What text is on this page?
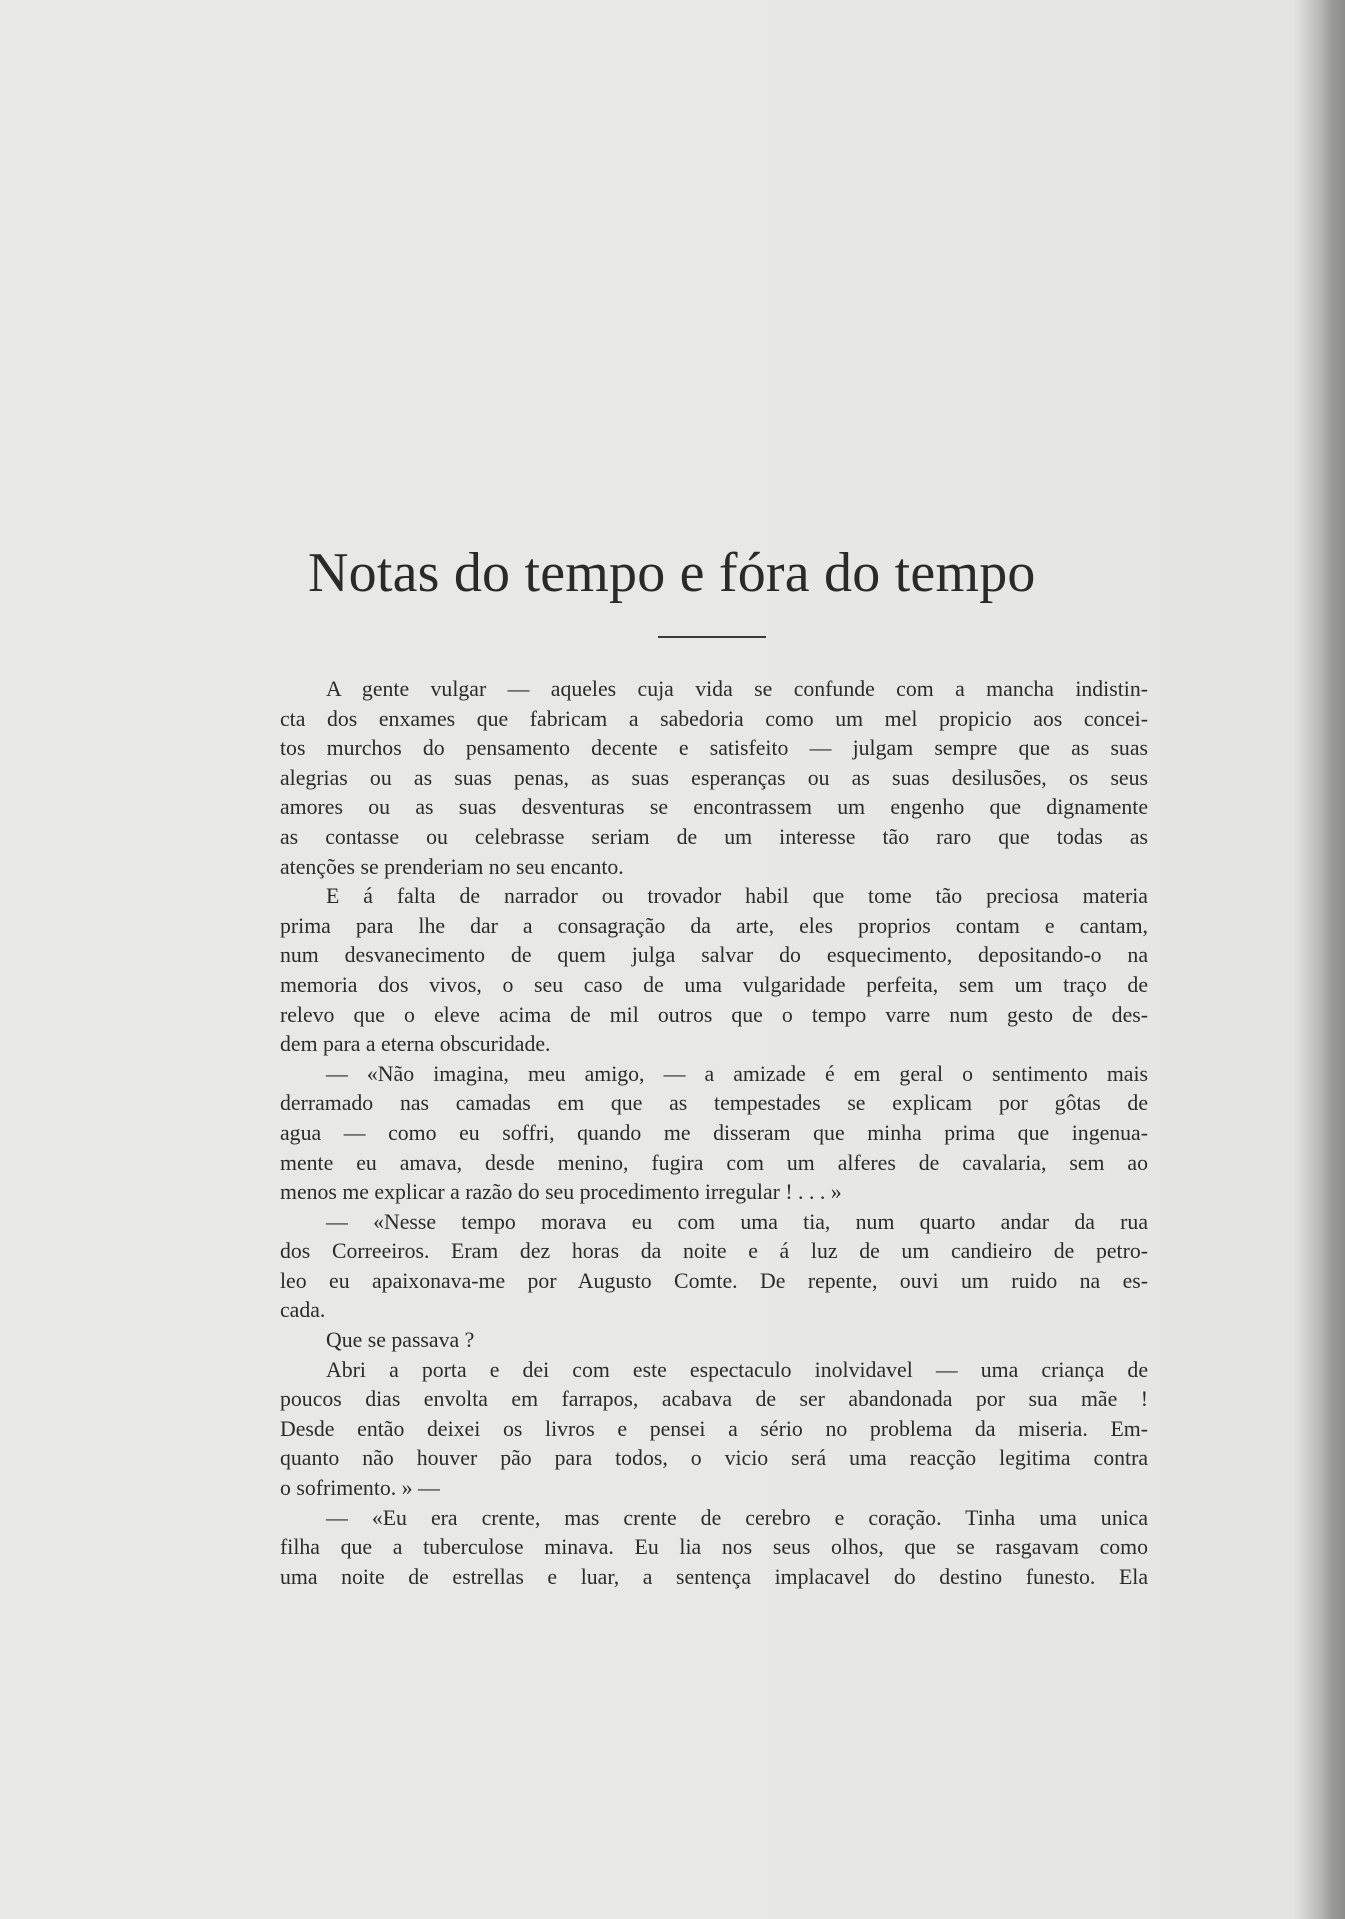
Notas do tempo e fóra do tempo
A gente vulgar — aqueles cuja vida se confunde com a mancha indistin-
cta dos enxames que fabricam a sabedoria como um mel propicio aos concei-
tos murchos do pensamento decente e satisfeito — julgam sempre que as suas
alegrias ou as suas penas, as suas esperanças ou as suas desilusões, os seus
amores ou as suas desventuras se encontrassem um engenho que dignamente
as contasse ou celebrasse seriam de um interesse tão raro que todas as
atenções se prenderiam no seu encanto.
E á falta de narrador ou trovador habil que tome tão preciosa materia
prima para lhe dar a consagração da arte, eles proprios contam e cantam,
num desvanecimento de quem julga salvar do esquecimento, depositando-o na
memoria dos vivos, o seu caso de uma vulgaridade perfeita, sem um traço de
relevo que o eleve acima de mil outros que o tempo varre num gesto de des-
dem para a eterna obscuridade.
— «Não imagina, meu amigo, — a amizade é em geral o sentimento mais
derramado nas camadas em que as tempestades se explicam por gôtas de
agua — como eu soffri, quando me disseram que minha prima que ingenua-
mente eu amava, desde menino, fugira com um alferes de cavalaria, sem ao
menos me explicar a razão do seu procedimento irregular ! . . . »
— «Nesse tempo morava eu com uma tia, num quarto andar da rua
dos Correeiros. Eram dez horas da noite e á luz de um candieiro de petro-
leo eu apaixonava-me por Augusto Comte. De repente, ouvi um ruido na es-
cada.
Que se passava ?
Abri a porta e dei com este espectaculo inolvidavel — uma criança de
poucos dias envolta em farrapos, acabava de ser abandonada por sua mãe !
Desde então deixei os livros e pensei a sério no problema da miseria. Em-
quanto não houver pão para todos, o vicio será uma reacção legitima contra
o sofrimento. » —
— «Eu era crente, mas crente de cerebro e coração. Tinha uma unica
filha que a tuberculose minava. Eu lia nos seus olhos, que se rasgavam como
uma noite de estrellas e luar, a sentença implacavel do destino funesto. Ela
